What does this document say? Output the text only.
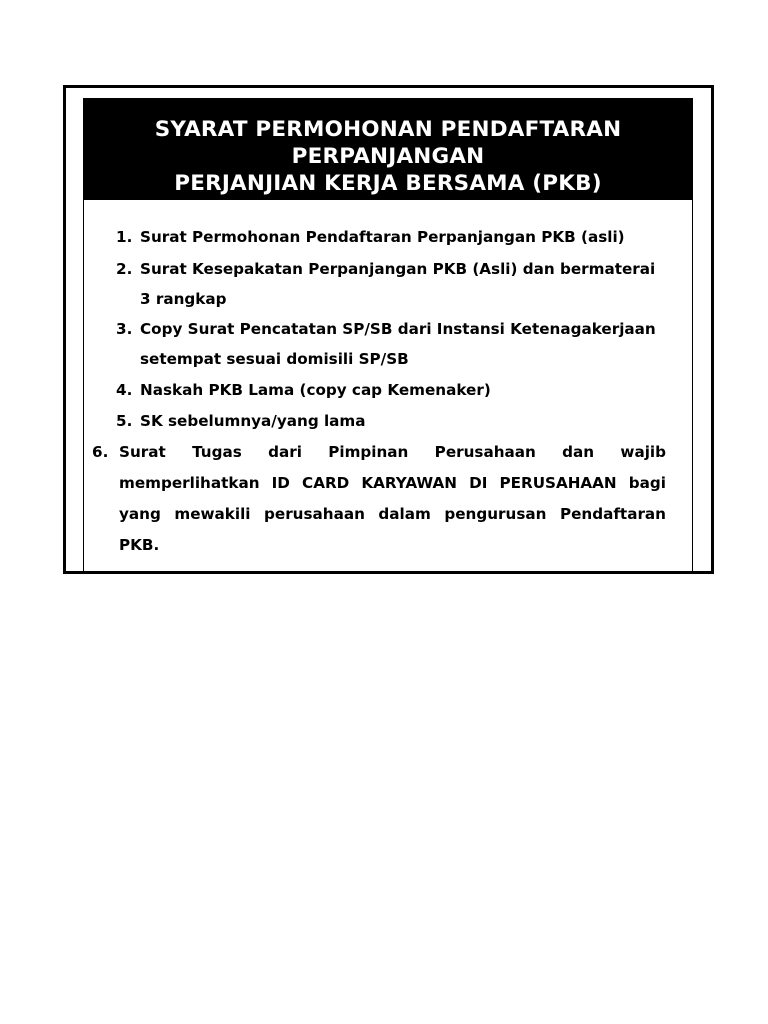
SYARAT PERMOHONAN PENDAFTARAN
PERPANJANGAN
PERJANJIAN KERJA BERSAMA (PKB)
1. Surat Permohonan Pendaftaran Perpanjangan PKB (asli)
2. Surat Kesepakatan Perpanjangan PKB (Asli) dan bermaterai
3 rangkap
3. Copy Surat Pencatatan SP/SB dari Instansi Ketenagakerjaan
setempat sesuai domisili SP/SB
4. Naskah PKB Lama (copy cap Kemenaker)
5. SK sebelumnya/yang lama
6. Surat Tugas dari Pimpinan Perusahaan dan wajib
memperlihatkan ID CARD KARYAWAN DI PERUSAHAAN bagi
yang mewakili perusahaan dalam pengurusan Pendaftaran
PKB.
